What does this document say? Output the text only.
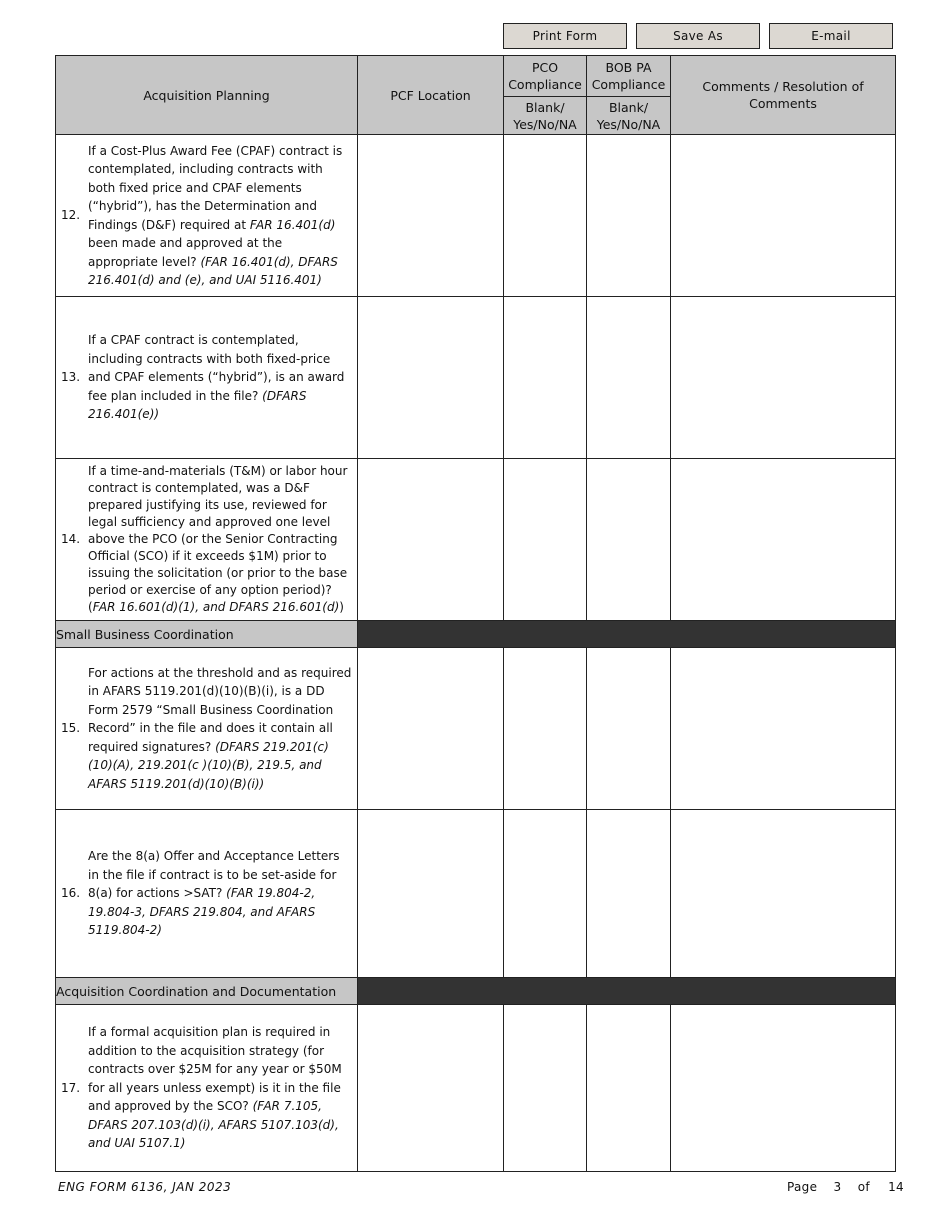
Print Form	Save As	E-mail
Acquisition Planning	PCF Location	PCO Compliance	BOB PA Compliance	Comments / Resolution of Comments
		Blank/ Yes/No/NA	Blank/ Yes/No/NA	

12.
If a Cost-Plus Award Fee (CPAF) contract is contemplated, including contracts with both fixed price and CPAF elements (“hybrid”), has the Determination and Findings (D&F) required at FAR 16.401(d) been made and approved at the appropriate level? (FAR 16.401(d), DFARS 216.401(d) and (e), and UAI 5116.401)				

13.
If a CPAF contract is contemplated, including contracts with both fixed-price and CPAF elements (“hybrid”), is an award fee plan included in the file? (DFARS 216.401(e))				

14.
If a time-and-materials (T&M) or labor hour contract is contemplated, was a D&F prepared justifying its use, reviewed for legal sufficiency and approved one level above the PCO (or the Senior Contracting Official (SCO) if it exceeds $1M) prior to issuing the solicitation (or prior to the base period or exercise of any option period)? (FAR 16.601(d)(1), and DFARS 216.601(d))				

Small Business Coordination				

15.
For actions at the threshold and as required in AFARS 5119.201(d)(10)(B)(i), is a DD Form 2579 “Small Business Coordination Record” in the file and does it contain all required signatures? (DFARS 219.201(c)(10)(A), 219.201(c )(10)(B), 219.5, and AFARS 5119.201(d)(10)(B)(i))				

16.
Are the 8(a) Offer and Acceptance Letters in the file if contract is to be set-aside for 8(a) for actions >SAT? (FAR 19.804-2, 19.804-3, DFARS 219.804, and AFARS 5119.804-2)				

Acquisition Coordination and Documentation				

17.
If a formal acquisition plan is required in addition to the acquisition strategy (for contracts over $25M for any year or $50M for all years unless exempt) is it in the file and approved by the SCO? (FAR 7.105, DFARS 207.103(d)(i), AFARS 5107.103(d), and UAI 5107.1)				

ENG FORM 6136, JAN 2023	Page 3 of 14
